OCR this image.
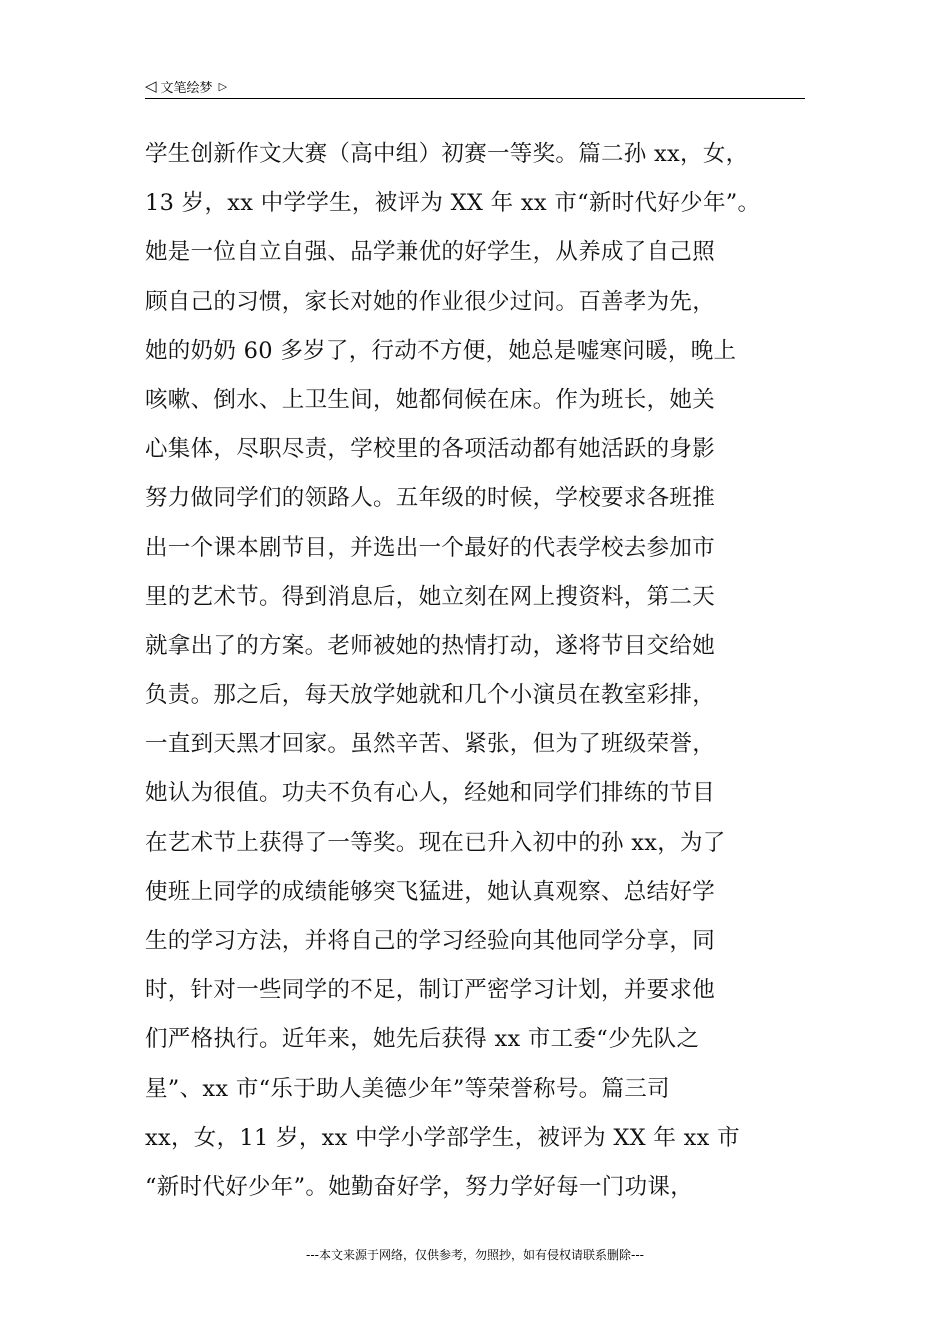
◁ 文笔绘梦 ▷
学生创新作文大赛（高中组）初赛一等奖。篇二孙 xx，女，
13 岁，xx 中学学生，被评为 XX 年 xx 市“新时代好少年”。
她是一位自立自强、品学兼优的好学生，从养成了自己照
顾自己的习惯，家长对她的作业很少过问。百善孝为先，
她的奶奶 60 多岁了，行动不方便，她总是嘘寒问暖，晚上
咳嗽、倒水、上卫生间，她都伺候在床。作为班长，她关
心集体，尽职尽责，学校里的各项活动都有她活跃的身影
努力做同学们的领路人。五年级的时候，学校要求各班推
出一个课本剧节目，并选出一个最好的代表学校去参加市
里的艺术节。得到消息后，她立刻在网上搜资料，第二天
就拿出了的方案。老师被她的热情打动，遂将节目交给她
负责。那之后，每天放学她就和几个小演员在教室彩排，
一直到天黑才回家。虽然辛苦、紧张，但为了班级荣誉，
她认为很值。功夫不负有心人，经她和同学们排练的节目
在艺术节上获得了一等奖。现在已升入初中的孙 xx，为了
使班上同学的成绩能够突飞猛进，她认真观察、总结好学
生的学习方法，并将自己的学习经验向其他同学分享，同
时，针对一些同学的不足，制订严密学习计划，并要求他
们严格执行。近年来，她先后获得 xx 市工委“少先队之
星”、xx 市“乐于助人美德少年”等荣誉称号。篇三司
xx，女，11 岁，xx 中学小学部学生，被评为 XX 年 xx 市
“新时代好少年”。她勤奋好学，努力学好每一门功课，
---本文来源于网络，仅供参考，勿照抄，如有侵权请联系删除---
